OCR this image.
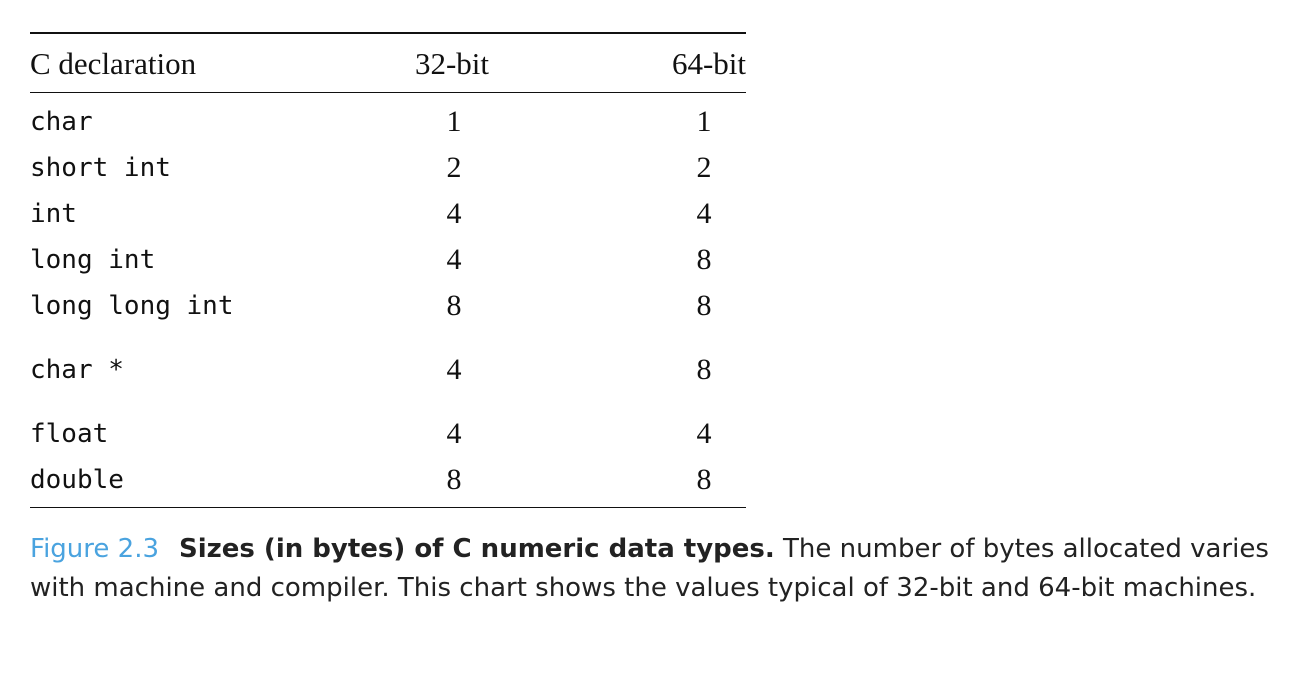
C declaration	32-bit	64-bit
char	1	1
short int	2	2
int	4	4
long int	4	8
long long int	8	8
char *	4	8
float	4	4
double	8	8
Figure 2.3 Sizes (in bytes) of C numeric data types. The number of bytes allocated varies with machine and compiler. This chart shows the values typical of 32-bit and 64-bit machines.
